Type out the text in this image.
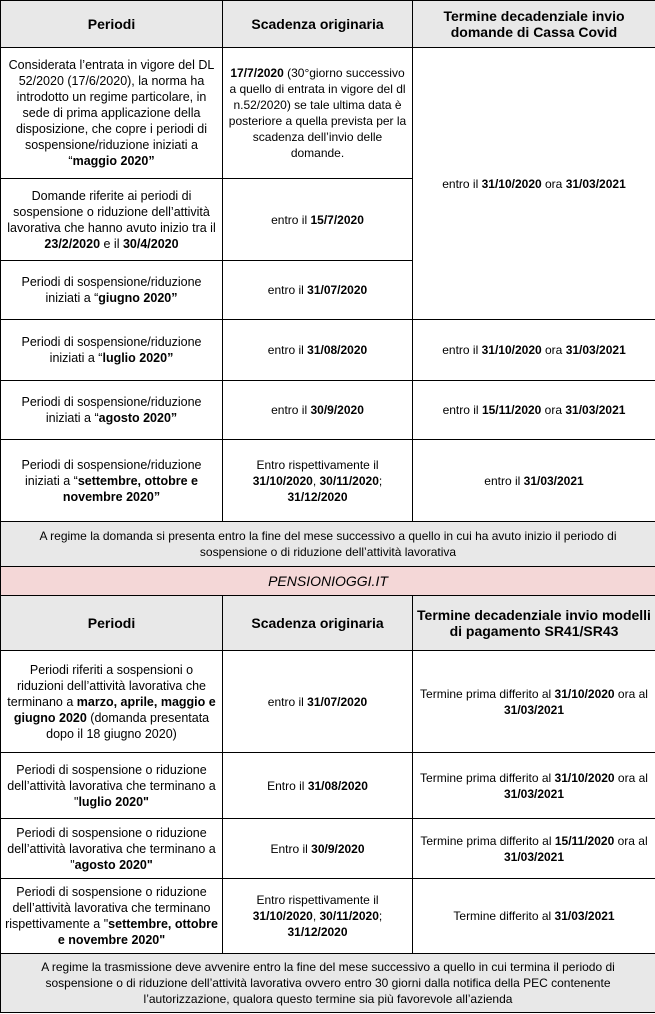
Periodi	Scadenza originaria	Termine decadenziale invio domande di Cassa Covid
Considerata l’entrata in vigore del DL 52/2020 (17/6/2020), la norma ha introdotto un regime particolare, in sede di prima applicazione della disposizione, che copre i periodi di sospensione/riduzione iniziati a “maggio 2020”	17/7/2020 (30°giorno successivo a quello di entrata in vigore del dl n.52/2020) se tale ultima data è posteriore a quella prevista per la scadenza dell’invio delle domande.	entro il 31/10/2020 ora 31/03/2021
Domande riferite ai periodi di sospensione o riduzione dell’attività lavorativa che hanno avuto inizio tra il 23/2/2020 e il 30/4/2020	entro il 15/7/2020	
Periodi di sospensione/riduzione iniziati a “giugno 2020”	entro il 31/07/2020	
Periodi di sospensione/riduzione iniziati a “luglio 2020”	entro il 31/08/2020	entro il 31/10/2020 ora 31/03/2021
Periodi di sospensione/riduzione iniziati a “agosto 2020”	entro il 30/9/2020	entro il 15/11/2020 ora 31/03/2021
Periodi di sospensione/riduzione iniziati a “settembre, ottobre e novembre 2020”	Entro rispettivamente il 31/10/2020, 30/11/2020; 31/12/2020	entro il 31/03/2021
A regime la domanda si presenta entro la fine del mese successivo a quello in cui ha avuto inizio il periodo di sospensione o di riduzione dell’attività lavorativa		
PENSIONIOGGI.IT		
Periodi	Scadenza originaria	Termine decadenziale invio modelli di pagamento SR41/SR43
Periodi riferiti a sospensioni o riduzioni dell’attività lavorativa che terminano a marzo, aprile, maggio e giugno 2020 (domanda presentata dopo il 18 giugno 2020)	entro il 31/07/2020	Termine prima differito al 31/10/2020 ora al 31/03/2021
Periodi di sospensione o riduzione dell’attività lavorativa che terminano a "luglio 2020"	Entro il 31/08/2020	Termine prima differito al 31/10/2020 ora al 31/03/2021
Periodi di sospensione o riduzione dell’attività lavorativa che terminano a "agosto 2020"	Entro il 30/9/2020	Termine prima differito al 15/11/2020 ora al 31/03/2021
Periodi di sospensione o riduzione dell’attività lavorativa che terminano rispettivamente a "settembre, ottobre e novembre 2020"	Entro rispettivamente il 31/10/2020, 30/11/2020; 31/12/2020	Termine differito al 31/03/2021
A regime la trasmissione deve avvenire entro la fine del mese successivo a quello in cui termina il periodo di sospensione o di riduzione dell’attività lavorativa ovvero entro 30 giorni dalla notifica della PEC contenente l’autorizzazione, qualora questo termine sia più favorevole all’azienda		
